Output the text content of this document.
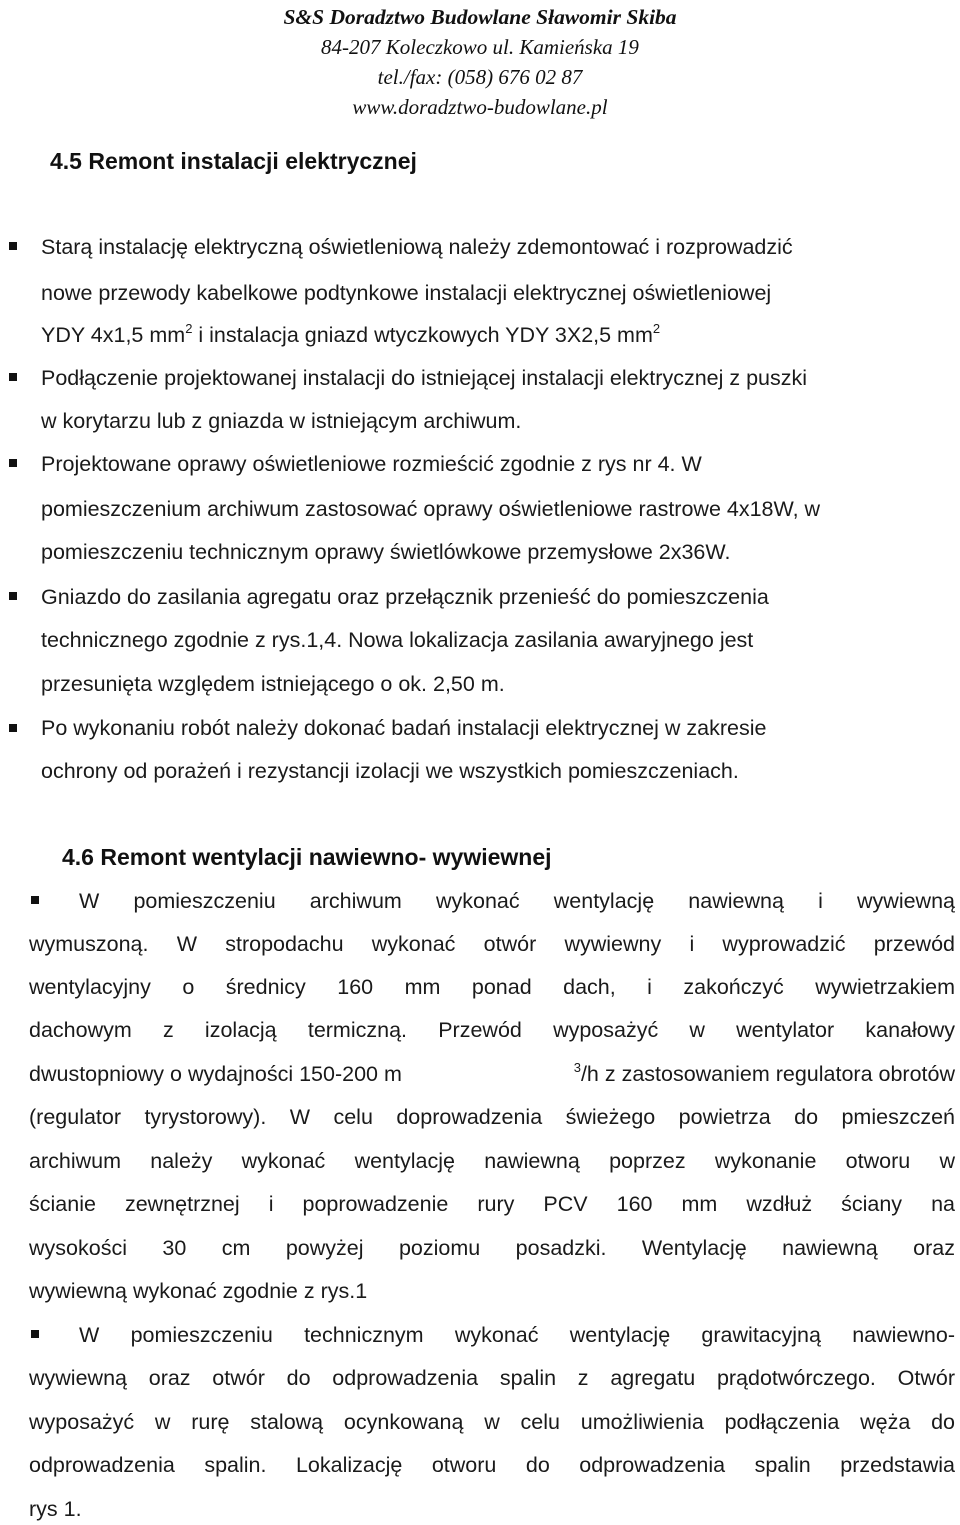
S&S Doradztwo Budowlane Sławomir Skiba
84-207 Koleczkowo ul. Kamieńska 19
tel./fax: (058) 676 02 87
www.doradztwo-budowlane.pl
4.5 Remont instalacji elektrycznej
Starą instalację elektryczną oświetleniową należy zdemontować i rozprowadzić
nowe przewody kabelkowe podtynkowe instalacji elektrycznej oświetleniowej
YDY 4x1,5 $mm^2$ i instalacja gniazd wtyczkowych YDY 3X2,5 $mm^2$
Podłączenie projektowanej instalacji do istniejącej instalacji elektrycznej z puszki
w korytarzu lub z gniazda w istniejącym archiwum.
Projektowane oprawy oświetleniowe rozmieścić zgodnie z rys nr 4. W
pomieszczenium archiwum zastosować oprawy oświetleniowe rastrowe 4x18W, w
pomieszczeniu technicznym oprawy świetlówkowe przemysłowe 2x36W.
Gniazdo do zasilania agregatu oraz przełącznik przenieść do pomieszczenia
technicznego zgodnie z rys.1,4. Nowa lokalizacja zasilania awaryjnego jest
przesunięta względem istniejącego o ok. 2,50 m.
Po wykonaniu robót należy dokonać badań instalacji elektrycznej w zakresie
ochrony od porażeń i rezystancji izolacji we wszystkich pomieszczeniach.
4.6 Remont wentylacji nawiewno- wywiewnej
W pomieszczeniu archiwum wykonać wentylację nawiewną i wywiewną
wymuszoną. W stropodachu wykonać otwór wywiewny i wyprowadzić przewód
wentylacyjny o średnicy 160 mm ponad dach, i zakończyć wywietrzakiem
dachowym z izolacją termiczną. Przewód wyposażyć w wentylator kanałowy
dwustopniowy o wydajności 150-200 m	$^3$/h z zastosowaniem regulatora obrotów
(regulator tyrystorowy). W celu doprowadzenia świeżego powietrza do pmieszczeń
archiwum należy wykonać wentylację nawiewną poprzez wykonanie otworu w
ścianie zewnętrznej i poprowadzenie rury PCV 160 mm wzdłuż ściany na
wysokości 30 cm powyżej poziomu posadzki. Wentylację nawiewną oraz
wywiewną wykonać zgodnie z rys.1
W pomieszczeniu technicznym wykonać wentylację grawitacyjną nawiewno-
wywiewną oraz otwór do odprowadzenia spalin z agregatu prądotwórczego. Otwór
wyposażyć w rurę stalową ocynkowaną w celu umożliwienia podłączenia węża do
odprowadzenia spalin. Lokalizację otworu do odprowadzenia spalin przedstawia
rys 1.
